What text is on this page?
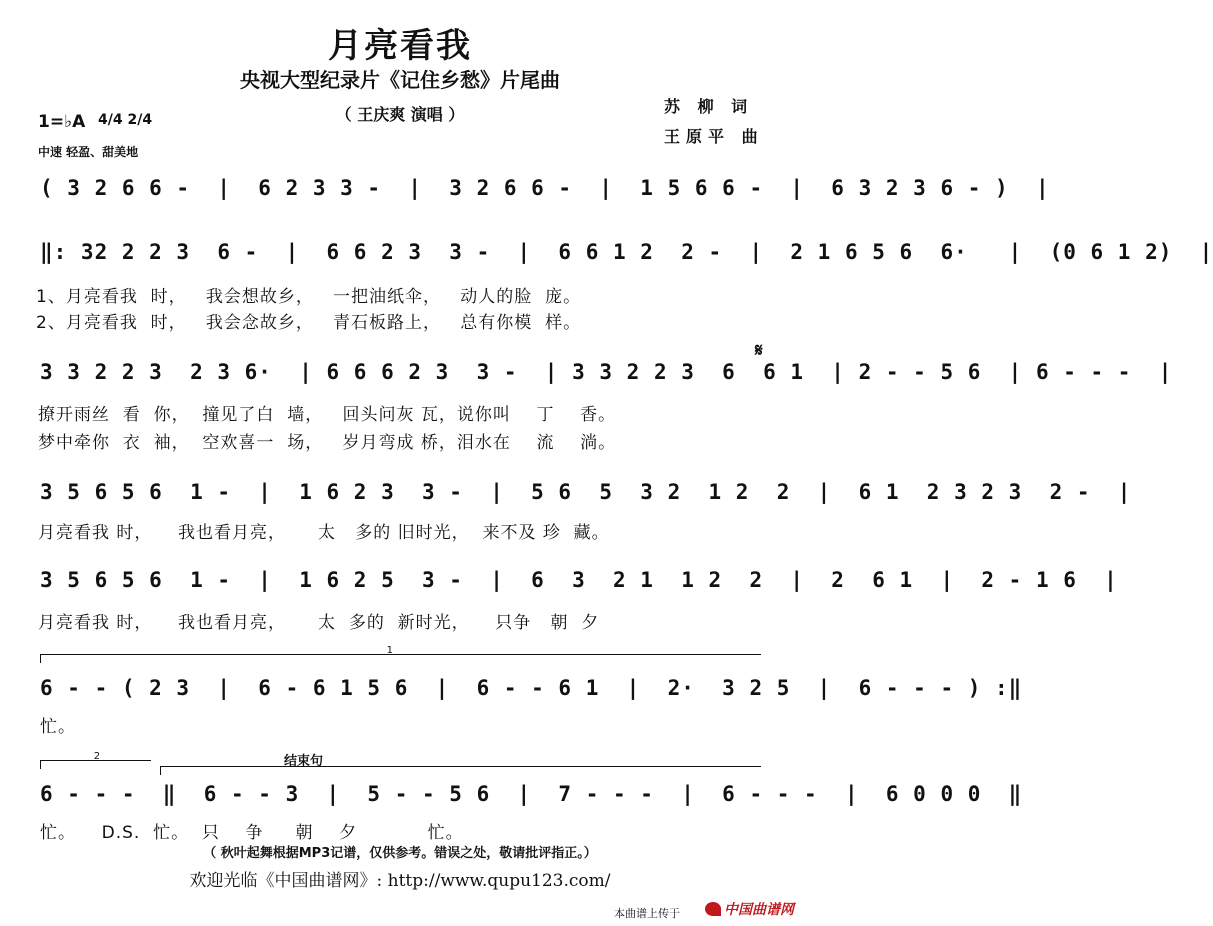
月亮看我
央视大型纪录片《记住乡愁》片尾曲
（ 王庆爽 演唱 ）	苏 柳 词
王原平 曲
1=♭A 4/4 2/4
中速 轻盈、甜美地
( 3 2 6 6 -  |  6 2 3 3 -  |  3 2 6 6 -  |  1 5 6 6 -  |  6 3 2 3 6 - )  |
‖: 32 2 2 3  6 -  |  6 6 2 3  3 -  |  6 6 1 2  2 -  |  2 1 6 5 6  6·   |  (0 6 1 2)  |
1、月亮看我  时，   我会想故乡，   一把油纸伞，   动人的脸  庞。
2、月亮看我  时，   我会念故乡，   青石板路上，   总有你模  样。
𝄋
3 3 2 2 3  2 3 6·  | 6 6 6 2 3  3 -  | 3 3 2 2 3  6  6 1  | 2 - - 5 6  | 6 - - -  |
撩开雨丝  看  你，  撞见了白  墙，   回头问灰 瓦，说你叫    丁    香。
梦中牵你  衣  袖，  空欢喜一  场，   岁月弯成 桥，泪水在    流    淌。
3 5 6 5 6  1 -  |  1 6 2 3  3 -  |  5 6  5  3 2  1 2  2  |  6 1  2 3 2 3  2 -  |
月亮看我 时，    我也看月亮，     太   多的 旧时光，  来不及 珍  藏。
3 5 6 5 6  1 -  |  1 6 2 5  3 -  |  6  3  2 1  1 2  2  |  2  6 1  |  2 - 1 6  |
月亮看我 时，    我也看月亮，     太  多的  新时光，    只争   朝  夕
1
6 - - ( 2 3  |  6 - 6 1 5 6  |  6 - - 6 1  |  2·  3 2 5  |  6 - - - ) :‖
忙。
2	结束句
6 - - -  ‖  6 - - 3  |  5 - - 5 6  |  7 - - -  |  6 - - -  |  6 0 0 0  ‖
忙。    D.S.  忙。  只    争     朝    夕           忙。
（ 秋叶起舞根据MP3记谱，仅供参考。错误之处，敬请批评指正。）
欢迎光临《中国曲谱网》: http://www.qupu123.com/
本曲谱上传于	中国曲谱网
